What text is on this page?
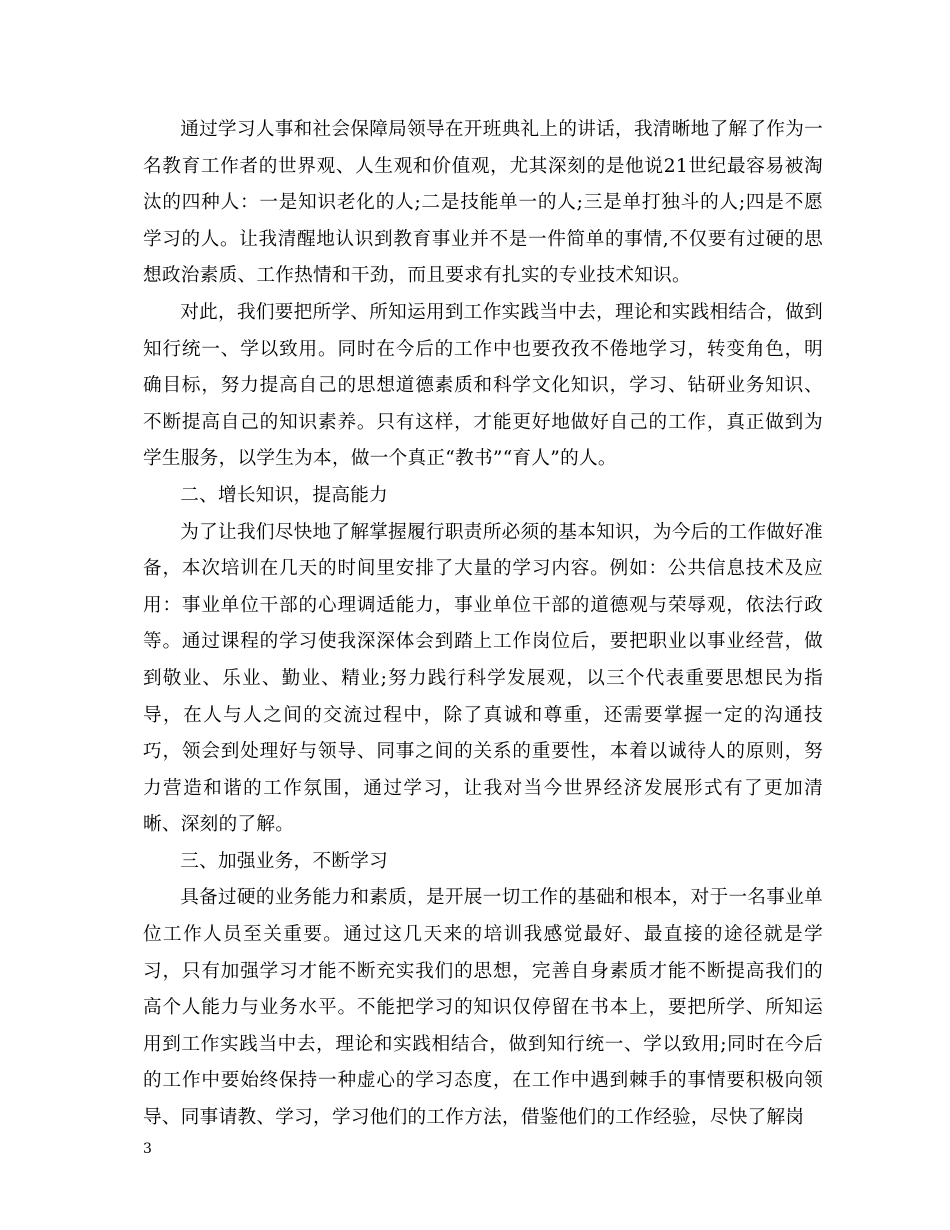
通过学习人事和社会保障局领导在开班典礼上的讲话，我清晰地了解了作为一名教育工作者的世界观、人生观和价值观，尤其深刻的是他说21世纪最容易被淘汰的四种人：一是知识老化的人;二是技能单一的人;三是单打独斗的人;四是不愿学习的人。让我清醒地认识到教育事业并不是一件简单的事情,不仅要有过硬的思想政治素质、工作热情和干劲，而且要求有扎实的专业技术知识。

对此，我们要把所学、所知运用到工作实践当中去，理论和实践相结合，做到知行统一、学以致用。同时在今后的工作中也要孜孜不倦地学习，转变角色，明确目标，努力提高自己的思想道德素质和科学文化知识，学习、钻研业务知识、不断提高自己的知识素养。只有这样，才能更好地做好自己的工作，真正做到为学生服务，以学生为本，做一个真正“教书”“育人”的人。

二、增长知识，提高能力

为了让我们尽快地了解掌握履行职责所必须的基本知识，为今后的工作做好准备，本次培训在几天的时间里安排了大量的学习内容。例如：公共信息技术及应用：事业单位干部的心理调适能力，事业单位干部的道德观与荣辱观，依法行政等。通过课程的学习使我深深体会到踏上工作岗位后，要把职业以事业经营，做到敬业、乐业、勤业、精业;努力践行科学发展观，以三个代表重要思想民为指导，在人与人之间的交流过程中，除了真诚和尊重，还需要掌握一定的沟通技巧，领会到处理好与领导、同事之间的关系的重要性，本着以诚待人的原则，努力营造和谐的工作氛围，通过学习，让我对当今世界经济发展形式有了更加清晰、深刻的了解。

三、加强业务，不断学习

具备过硬的业务能力和素质，是开展一切工作的基础和根本，对于一名事业单位工作人员至关重要。通过这几天来的培训我感觉最好、最直接的途径就是学习，只有加强学习才能不断充实我们的思想，完善自身素质才能不断提高我们的高个人能力与业务水平。不能把学习的知识仅停留在书本上，要把所学、所知运用到工作实践当中去，理论和实践相结合，做到知行统一、学以致用;同时在今后的工作中要始终保持一种虚心的学习态度，在工作中遇到棘手的事情要积极向领导、同事请教、学习，学习他们的工作方法，借鉴他们的工作经验，尽快了解岗

3
